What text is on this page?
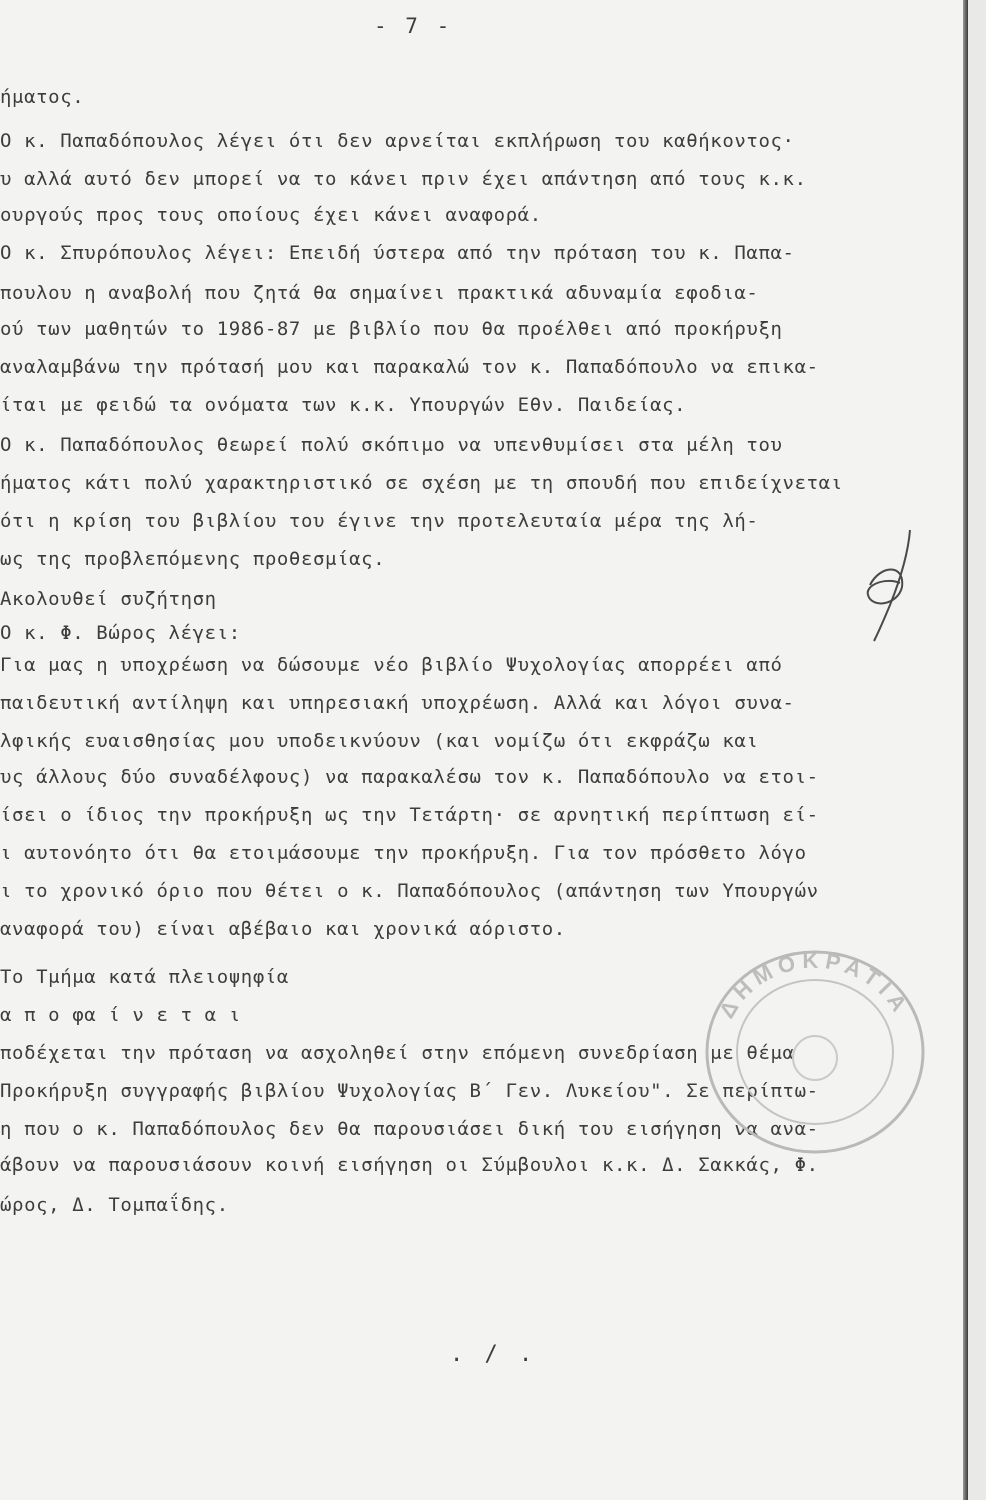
- 7 -
ήματος.
Ο κ. Παπαδόπουλος λέγει ότι δεν αρνείται εκπλήρωση του καθήκοντος·
υ αλλά αυτό δεν μπορεί να το κάνει πριν έχει απάντηση από τους κ.κ.
ουργούς προς τους οποίους έχει κάνει αναφορά.
Ο κ. Σπυρόπουλος λέγει: Επειδή ύστερα από την πρόταση του κ. Παπα-
πουλου η αναβολή που ζητά θα σημαίνει πρακτικά αδυναμία εφοδια-
ού των μαθητών το 1986-87 με βιβλίο που θα προέλθει από προκήρυξη
αναλαμβάνω την πρότασή μου και παρακαλώ τον κ. Παπαδόπουλο να επικα-
ίται με φειδώ τα ονόματα των κ.κ. Υπουργών Εθν. Παιδείας.
Ο κ. Παπαδόπουλος θεωρεί πολύ σκόπιμο να υπενθυμίσει στα μέλη του
ήματος κάτι πολύ χαρακτηριστικό σε σχέση με τη σπουδή που επιδείχνεται
ότι η κρίση του βιβλίου του έγινε την προτελευταία μέρα της λή-
ως της προβλεπόμενης προθεσμίας.
Ακολουθεί συζήτηση
Ο κ. Φ. Βώρος λέγει:
Για μας η υποχρέωση να δώσουμε νέο βιβλίο Ψυχολογίας απορρέει από
παιδευτική αντίληψη και υπηρεσιακή υποχρέωση. Αλλά και λόγοι συνα-
λφικής ευαισθησίας μου υποδεικνύουν (και νομίζω ότι εκφράζω και
υς άλλους δύο συναδέλφους) να παρακαλέσω τον κ. Παπαδόπουλο να ετοι-
ίσει ο ίδιος την προκήρυξη ως την Τετάρτη· σε αρνητική περίπτωση εί-
ι αυτονόητο ότι θα ετοιμάσουμε την προκήρυξη. Για τον πρόσθετο λόγο
ι το χρονικό όριο που θέτει ο κ. Παπαδόπουλος (απάντηση των Υπουργών
αναφορά του) είναι αβέβαιο και χρονικά αόριστο.
Το Τμήμα κατά πλειοψηφία
α π ο φα ί ν ε τ α ι
ποδέχεται την πρόταση να ασχοληθεί στην επόμενη συνεδρίαση με θέμα
Προκήρυξη συγγραφής βιβλίου Ψυχολογίας Β΄ Γεν. Λυκείου". Σε περίπτω-
η που ο κ. Παπαδόπουλος δεν θα παρουσιάσει δική του εισήγηση να ανα-
άβουν να παρουσιάσουν κοινή εισήγηση οι Σύμβουλοι κ.κ. Δ. Σακκάς, Φ.
ώρος, Δ. Τομπαΐδης.
. / .
ΔΗΜΟΚΡΑΤΙΑ
